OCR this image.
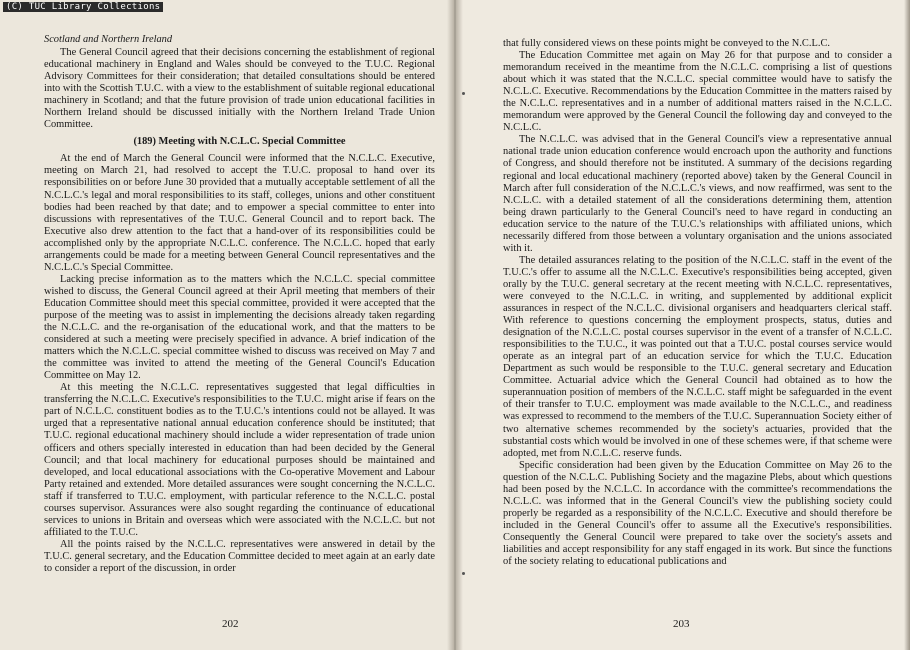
Scotland and Northern Ireland

The General Council agreed that their decisions concerning the establishment of regional educational machinery in England and Wales should be conveyed to the T.U.C. Regional Advisory Committees for their consideration; that detailed consultations should be entered into with the Scottish T.U.C. with a view to the establishment of suitable regional educational machinery in Scotland; and that the future provision of trade union educational facilities in Northern Ireland should be discussed initially with the Northern Ireland Trade Union Committee.

(189) Meeting with N.C.L.C. Special Committee

At the end of March the General Council were informed that the N.C.L.C. Executive, meeting on March 21, had resolved to accept the T.U.C. proposal to hand over its responsibilities on or before June 30 provided that a mutually acceptable settlement of all the N.C.L.C.'s legal and moral responsibilities to its staff, colleges, unions and other constituent bodies had been reached by that date; and to empower a special committee to enter into discussions with representatives of the T.U.C. General Council and to report back. The Executive also drew attention to the fact that a hand-over of its responsibilities could be accomplished only by the appropriate N.C.L.C. conference. The N.C.L.C. hoped that early arrangements could be made for a meeting between General Council representatives and the N.C.L.C.'s Special Committee.

Lacking precise information as to the matters which the N.C.L.C. special committee wished to discuss, the General Council agreed at their April meeting that members of their Education Committee should meet this special committee, provided it were accepted that the purpose of the meeting was to assist in implementing the decisions already taken regarding the N.C.L.C. and the re-organisation of the educational work, and that the matters to be considered at such a meeting were precisely specified in advance. A brief indication of the matters which the N.C.L.C. special committee wished to discuss was received on May 7 and the committee was invited to attend the meeting of the General Council's Education Committee on May 12.

At this meeting the N.C.L.C. representatives suggested that legal difficulties in transferring the N.C.L.C. Executive's responsibilities to the T.U.C. might arise if fears on the part of N.C.L.C. constituent bodies as to the T.U.C.'s intentions could not be allayed. It was urged that a representative national annual education conference should be instituted; that T.U.C. regional educational machinery should include a wider representation of trade union officers and others specially interested in education than had been decided by the General Council; and that local machinery for educational purposes should be maintained and developed, and local educational associations with the Co-operative Movement and Labour Party retained and extended. More detailed assurances were sought concerning the N.C.L.C. staff if transferred to T.U.C. employment, with particular reference to the N.C.L.C. postal courses supervisor. Assurances were also sought regarding the continuance of educational services to unions in Britain and overseas which were associated with the N.C.L.C. but not affiliated to the T.U.C.

All the points raised by the N.C.L.C. representatives were answered in detail by the T.U.C. general secretary, and the Education Committee decided to meet again at an early date to consider a report of the discussion, in order

202

that fully considered views on these points might be conveyed to the N.C.L.C.

The Education Committee met again on May 26 for that purpose and to consider a memorandum received in the meantime from the N.C.L.C. comprising a list of questions about which it was stated that the N.C.L.C. special committee would have to satisfy the N.C.L.C. Executive. Recommendations by the Education Committee in the matters raised by the N.C.L.C. representatives and in a number of additional matters raised in the N.C.L.C. memorandum were approved by the General Council the following day and conveyed to the N.C.L.C.

The N.C.L.C. was advised that in the General Council's view a representative annual national trade union education conference would encroach upon the authority and functions of Congress, and should therefore not be instituted. A summary of the decisions regarding regional and local educational machinery (reported above) taken by the General Council in March after full consideration of the N.C.L.C.'s views, and now reaffirmed, was sent to the N.C.L.C. with a detailed statement of all the considerations determining them, attention being drawn particularly to the General Council's need to have regard in conducting an education service to the nature of the T.U.C.'s relationships with affiliated unions, which necessarily differed from those between a voluntary organisation and the unions associated with it.

The detailed assurances relating to the position of the N.C.L.C. staff in the event of the T.U.C.'s offer to assume all the N.C.L.C. Executive's responsibilities being accepted, given orally by the T.U.C. general secretary at the recent meeting with N.C.L.C. representatives, were conveyed to the N.C.L.C. in writing, and supplemented by additional explicit assurances in respect of the N.C.L.C. divisional organisers and headquarters clerical staff. With reference to questions concerning the employment prospects, status, duties and designation of the N.C.L.C. postal courses supervisor in the event of a transfer of N.C.L.C. responsibilities to the T.U.C., it was pointed out that a T.U.C. postal courses service would operate as an integral part of an education service for which the T.U.C. Education Department as such would be responsible to the T.U.C. general secretary and Education Committee. Actuarial advice which the General Council had obtained as to how the superannuation position of members of the N.C.L.C. staff might be safeguarded in the event of their transfer to T.U.C. employment was made available to the N.C.L.C., and readiness was expressed to recommend to the members of the T.U.C. Superannuation Society either of two alternative schemes recommended by the society's actuaries, provided that the substantial costs which would be involved in one of these schemes were, if that scheme were adopted, met from N.C.L.C. reserve funds.

Specific consideration had been given by the Education Committee on May 26 to the question of the N.C.L.C. Publishing Society and the magazine Plebs, about which questions had been posed by the N.C.L.C. In accordance with the committee's recommendations the N.C.L.C. was informed that in the General Council's view the publishing society could properly be regarded as a responsibility of the N.C.L.C. Executive and should therefore be included in the General Council's offer to assume all the Executive's responsibilities. Consequently the General Council were prepared to take over the society's assets and liabilities and accept responsibility for any staff engaged in its work. But since the functions of the society relating to educational publications and

203
(C) TUC Library Collections
